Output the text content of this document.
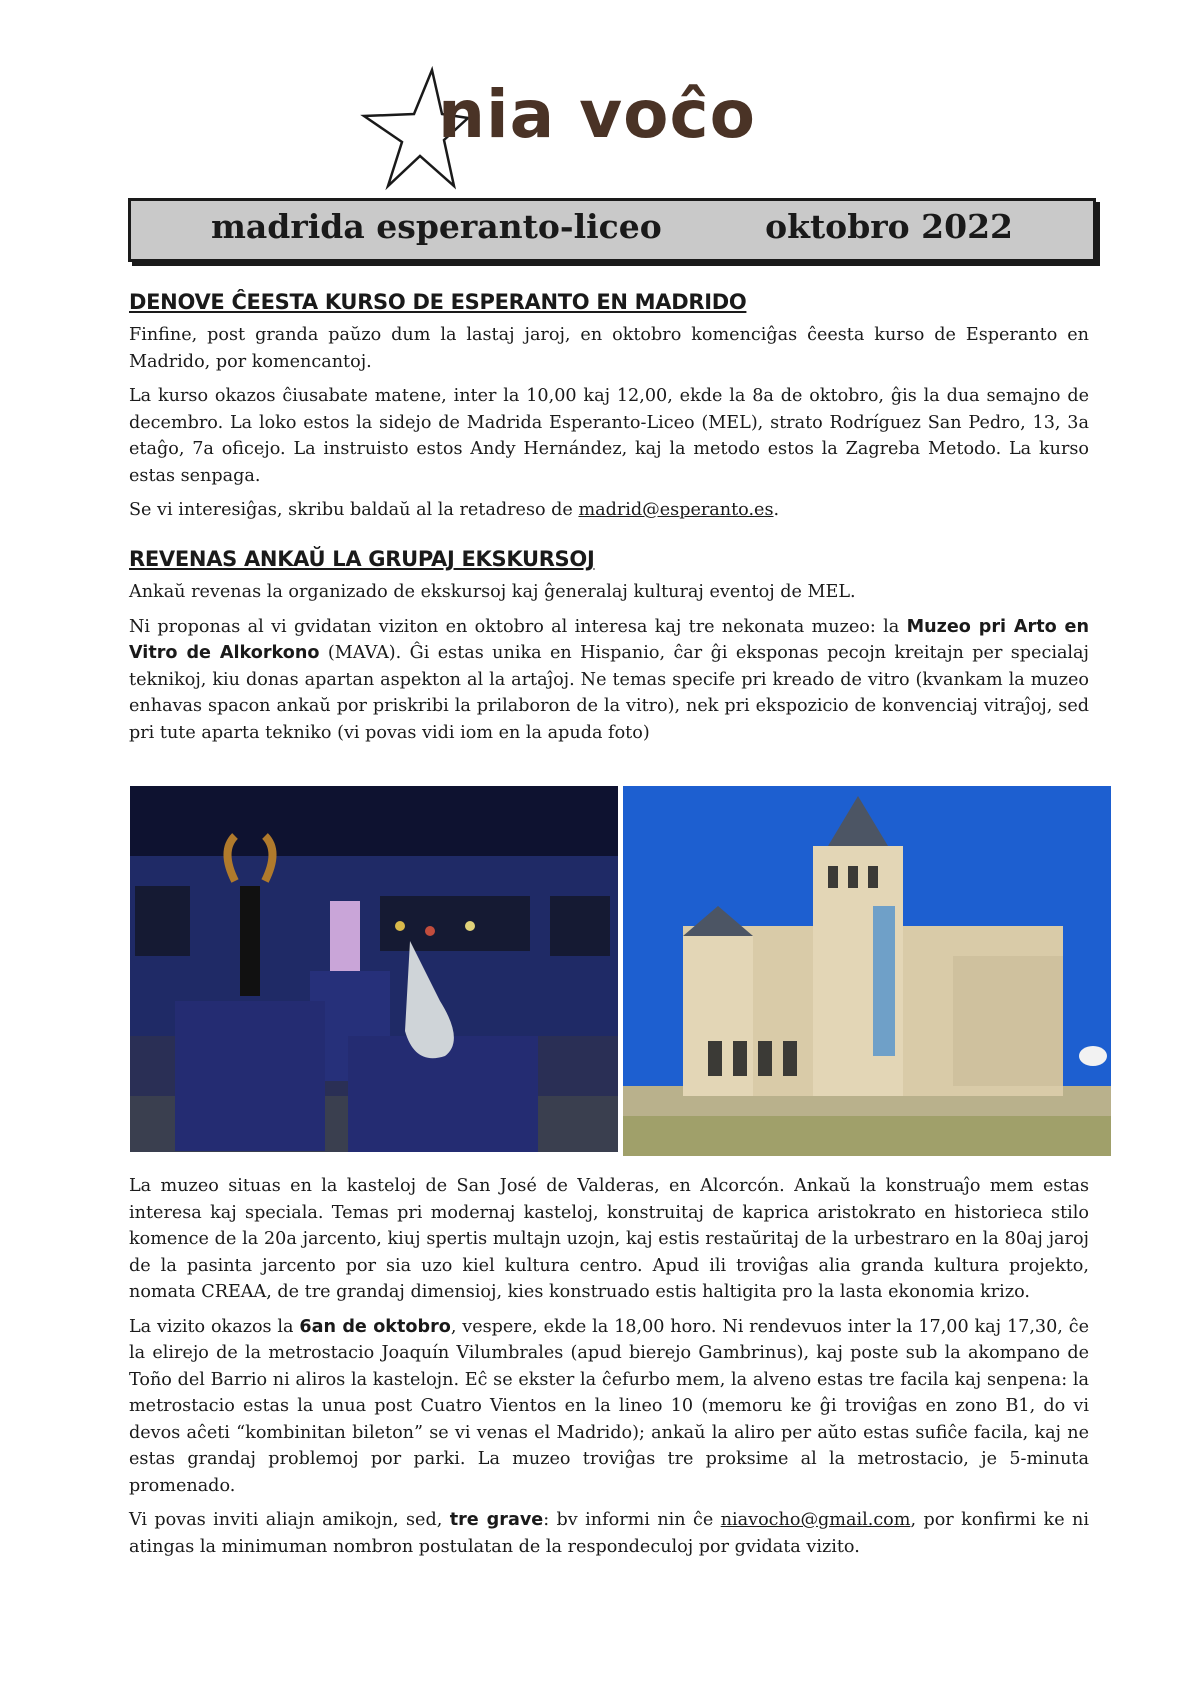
nia voĉo
madrida esperanto-liceo	oktobro 2022
DENOVE ĈEESTA KURSO DE ESPERANTO EN MADRIDO

Finfine, post granda paŭzo dum la lastaj jaroj, en oktobro komenciĝas ĉeesta kurso de Esperanto en Madrido, por komencantoj.

La kurso okazos ĉiusabate matene, inter la 10,00 kaj 12,00, ekde la 8a de oktobro, ĝis la dua semajno de decembro. La loko estos la sidejo de Madrida Esperanto-Liceo (MEL), strato Rodríguez San Pedro, 13, 3a etaĝo, 7a oficejo. La instruisto estos Andy Hernández, kaj la metodo estos la Zagreba Metodo. La kurso estas senpaga.

Se vi interesiĝas, skribu baldaŭ al la retadreso de madrid@esperanto.es.

REVENAS ANKAŬ LA GRUPAJ EKSKURSOJ

Ankaŭ revenas la organizado de ekskursoj kaj ĝeneralaj kulturaj eventoj de MEL.

Ni proponas al vi gvidatan viziton en oktobro al interesa kaj tre nekonata muzeo: la Muzeo pri Arto en Vitro de Alkorkono (MAVA). Ĝi estas unika en Hispanio, ĉar ĝi eksponas pecojn kreitajn per specialaj teknikoj, kiu donas apartan aspekton al la artaĵoj. Ne temas specife pri kreado de vitro (kvankam la muzeo enhavas spacon ankaŭ por priskribi la prilaboron de la vitro), nek pri ekspozicio de konvenciaj vitraĵoj, sed pri tute aparta tekniko (vi povas vidi iom en la apuda foto)

La muzeo situas en la kasteloj de San José de Valderas, en Alcorcón. Ankaŭ la konstruaĵo mem estas interesa kaj speciala. Temas pri modernaj kasteloj, konstruitaj de kaprica aristokrato en historieca stilo komence de la 20a jarcento, kiuj spertis multajn uzojn, kaj estis restaŭritaj de la urbestraro en la 80aj jaroj de la pasinta jarcento por sia uzo kiel kultura centro. Apud ili troviĝas alia granda kultura projekto, nomata CREAA, de tre grandaj dimensioj, kies konstruado estis haltigita pro la lasta ekonomia krizo.

La vizito okazos la 6an de oktobro, vespere, ekde la 18,00 horo. Ni rendevuos inter la 17,00 kaj 17,30, ĉe la elirejo de la metrostacio Joaquín Vilumbrales (apud bierejo Gambrinus), kaj poste sub la akompano de Toño del Barrio ni aliros la kastelojn. Eĉ se ekster la ĉefurbo mem, la alveno estas tre facila kaj senpena: la metrostacio estas la unua post Cuatro Vientos en la lineo 10 (memoru ke ĝi troviĝas en zono B1, do vi devos aĉeti “kombinitan bileton” se vi venas el Madrido); ankaŭ la aliro per aŭto estas sufiĉe facila, kaj ne estas grandaj problemoj por parki. La muzeo troviĝas tre proksime al la metrostacio, je 5-minuta promenado.

Vi povas inviti aliajn amikojn, sed, tre grave: bv informi nin ĉe niavocho@gmail.com, por konfirmi ke ni atingas la minimuman nombron postulatan de la respondeculoj por gvidata vizito.
